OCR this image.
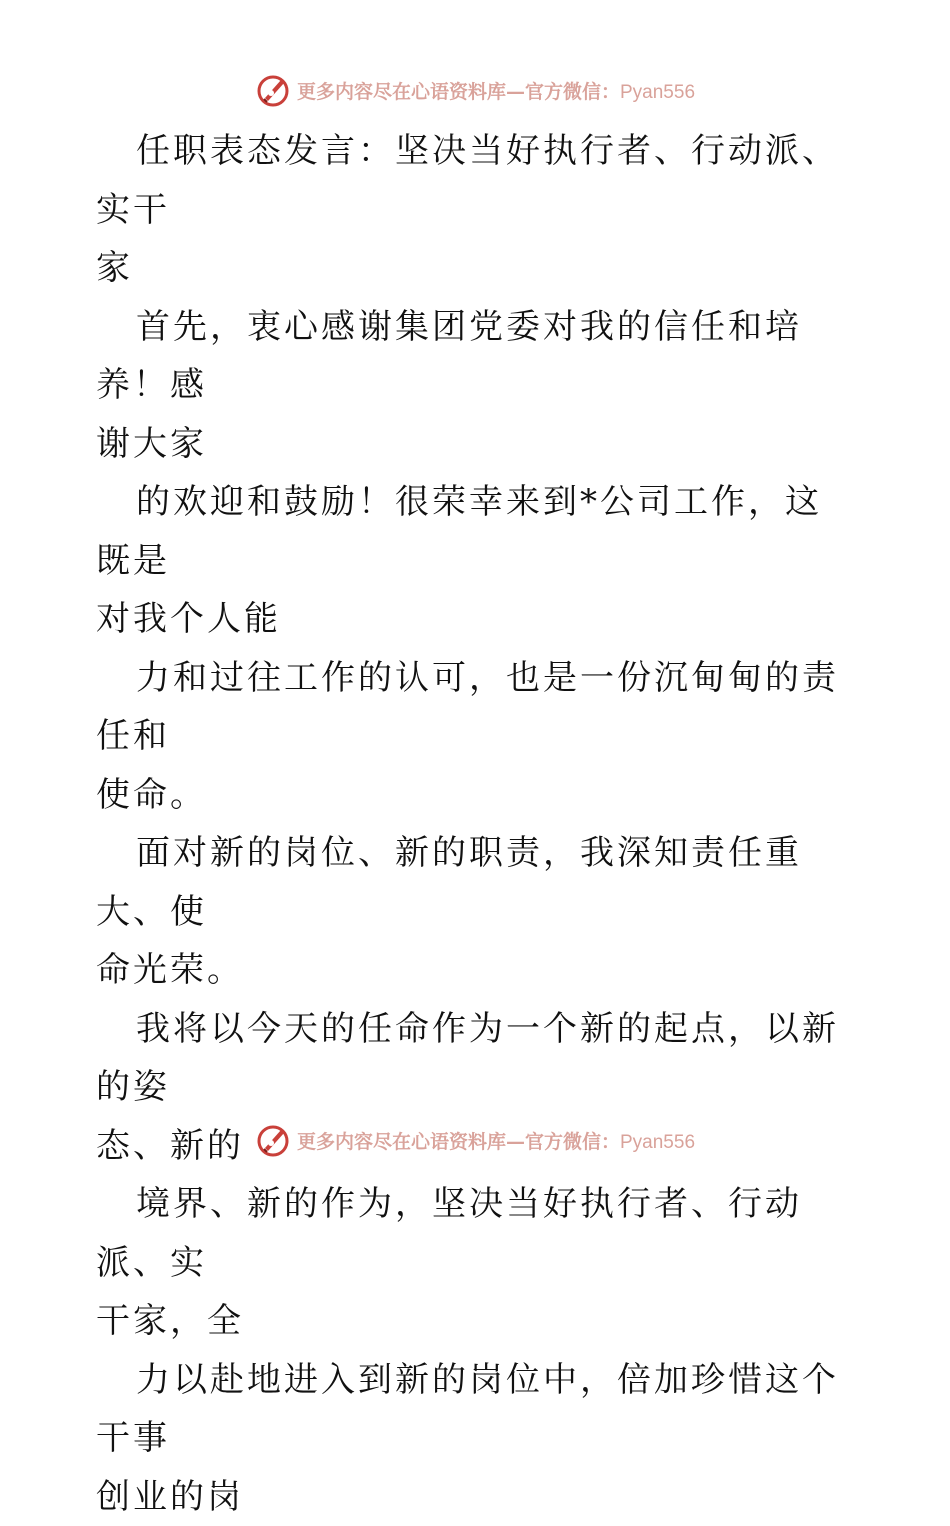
更多内容尽在心语资料库—官方微信：Pyan556

任职表态发言：坚决当好执行者、行动派、实干
家

首先，衷心感谢集团党委对我的信任和培养！感
谢大家

的欢迎和鼓励！很荣幸来到*公司工作，这既是
对我个人能

力和过往工作的认可，也是一份沉甸甸的责任和
使命。

面对新的岗位、新的职责，我深知责任重大、使
命光荣。

我将以今天的任命作为一个新的起点，以新的姿
态、新的

境界、新的作为，坚决当好执行者、行动派、实
干家，全

力以赴地进入到新的岗位中，倍加珍惜这个干事
创业的岗

更多内容尽在心语资料库—官方微信：Pyan556
